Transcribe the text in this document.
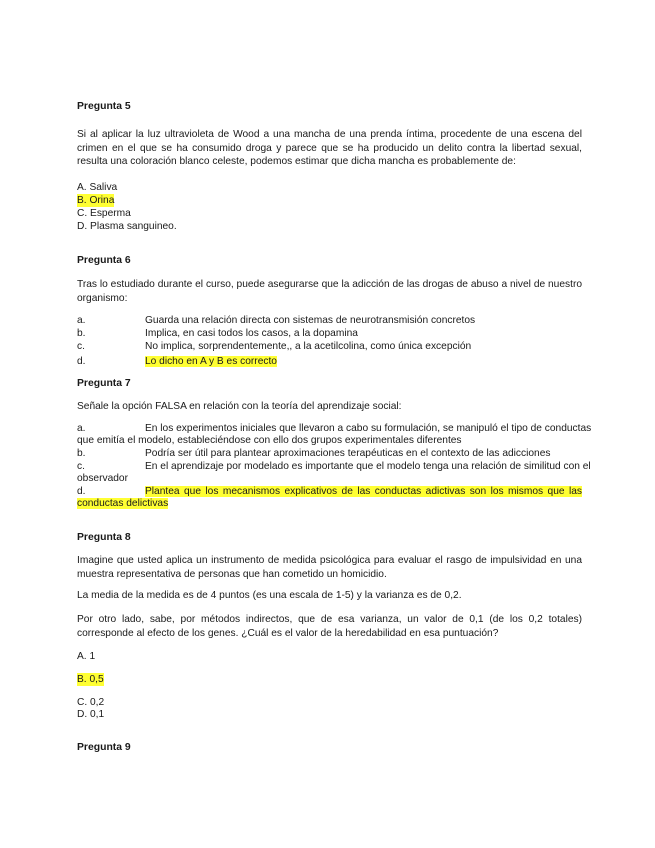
Pregunta 5
Si al aplicar la luz ultravioleta de Wood a una mancha de una prenda íntima, procedente de una escena del crimen en el que se ha consumido droga y parece que se ha producido un delito contra la libertad sexual, resulta una coloración blanco celeste, podemos estimar que dicha mancha es probablemente de:
A. Saliva
B. Orina
C. Esperma
D. Plasma sanguineo.
Pregunta 6
Tras lo estudiado durante el curso, puede asegurarse que la adicción de las drogas de abuso a nivel de nuestro organismo:
a.	Guarda una relación directa con sistemas de neurotransmisión concretos
b.	Implica, en casi todos los casos, a la dopamina
c.	No implica, sorprendentemente,, a la acetilcolina, como única excepción
d.	Lo dicho en A y B es correcto
Pregunta 7
Señale la opción FALSA en relación con la teoría del aprendizaje social:
a.	En los experimentos iniciales que llevaron a cabo su formulación, se manipuló el tipo de conductas
que emitía el modelo, estableciéndose con ello dos grupos experimentales diferentes
b.	Podría ser útil para plantear aproximaciones terapéuticas en el contexto de las adicciones
c.	En el aprendizaje por modelado es importante que el modelo tenga una relación de similitud con el
observador
d.	Plantea que los mecanismos explicativos de las conductas adictivas son los mismos que las
conductas delictivas
Pregunta 8
Imagine que usted aplica un instrumento de medida psicológica para evaluar el rasgo de impulsividad en una muestra representativa de personas que han cometido un homicidio.
La media de la medida es de 4 puntos (es una escala de 1-5) y la varianza es de 0,2.
Por otro lado, sabe, por métodos indirectos, que de esa varianza, un valor de 0,1 (de los 0,2 totales) corresponde al efecto de los genes. ¿Cuál es el valor de la heredabilidad en esa puntuación?
A. 1
B. 0,5
C. 0,2
D. 0,1
Pregunta 9
